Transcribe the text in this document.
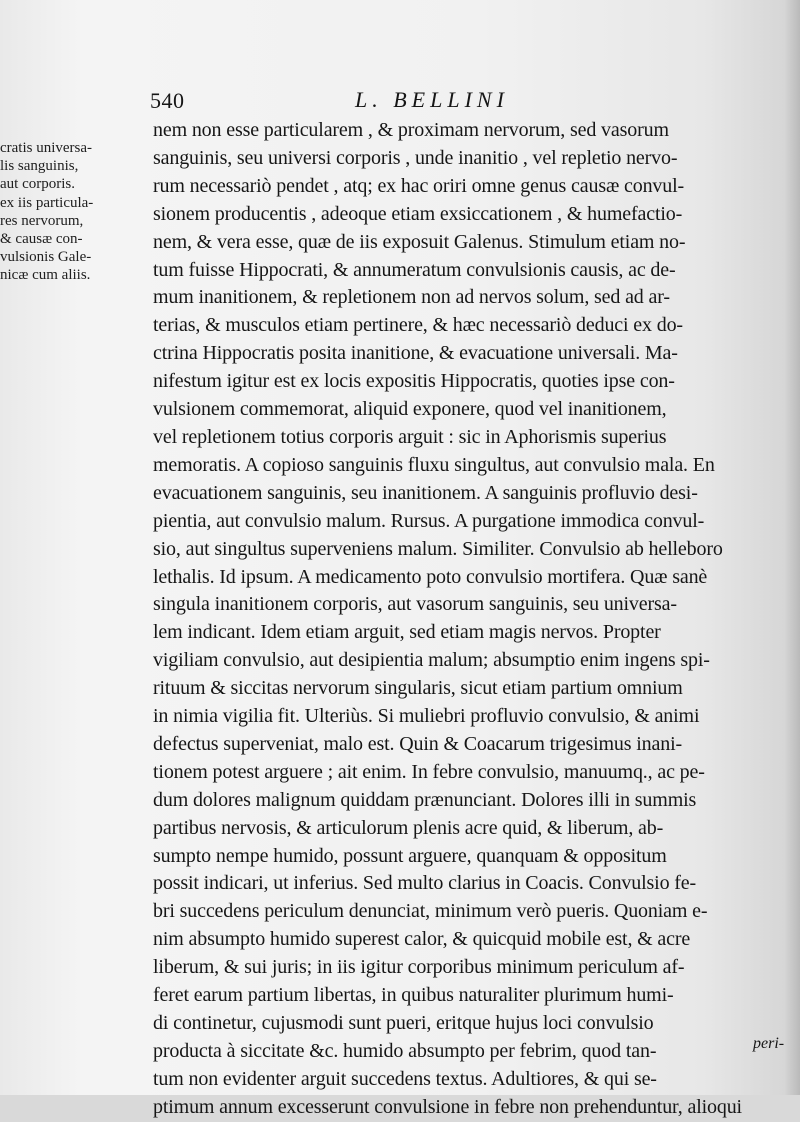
540	L. BELLINI
cratis universa-
lis sanguinis,
aut corporis.
ex iis particula-
res nervorum,
& causæ con-
vulsionis Gale-
nicæ cum aliis.
nem non esse particularem , & proximam nervorum, sed vasorum
sanguinis, seu universi corporis , unde inanitio , vel repletio nervo-
rum necessariò pendet , atq; ex hac oriri omne genus causæ convul-
sionem producentis , adeoque etiam exsiccationem , & humefactio-
nem, & vera esse, quæ de iis exposuit Galenus. Stimulum etiam no-
tum fuisse Hippocrati, & annumeratum convulsionis causis, ac de-
mum inanitionem, & repletionem non ad nervos solum, sed ad ar-
terias, & musculos etiam pertinere, & hæc necessariò deduci ex do-
ctrina Hippocratis posita inanitione, & evacuatione universali. Ma-
nifestum igitur est ex locis expositis Hippocratis, quoties ipse con-
vulsionem commemorat, aliquid exponere, quod vel inanitionem,
vel repletionem totius corporis arguit : sic in Aphorismis superius
memoratis. A copioso sanguinis fluxu singultus, aut convulsio mala. En
evacuationem sanguinis, seu inanitionem. A sanguinis profluvio desi-
pientia, aut convulsio malum. Rursus. A purgatione immodica convul-
sio, aut singultus superveniens malum. Similiter. Convulsio ab helleboro
lethalis. Id ipsum. A medicamento poto convulsio mortifera. Quæ sanè
singula inanitionem corporis, aut vasorum sanguinis, seu universa-
lem indicant. Idem etiam arguit, sed etiam magis nervos. Propter
vigiliam convulsio, aut desipientia malum; absumptio enim ingens spi-
rituum & siccitas nervorum singularis, sicut etiam partium omnium
in nimia vigilia fit. Ulteriùs. Si muliebri profluvio convulsio, & animi
defectus superveniat, malo est. Quin & Coacarum trigesimus inani-
tionem potest arguere ; ait enim. In febre convulsio, manuumq., ac pe-
dum dolores malignum quiddam prænunciant. Dolores illi in summis
partibus nervosis, & articulorum plenis acre quid, & liberum, ab-
sumpto nempe humido, possunt arguere, quanquam & oppositum
possit indicari, ut inferius. Sed multo clarius in Coacis. Convulsio fe-
bri succedens periculum denunciat, minimum verò pueris. Quoniam e-
nim absumpto humido superest calor, & quicquid mobile est, & acre
liberum, & sui juris; in iis igitur corporibus minimum periculum af-
feret earum partium libertas, in quibus naturaliter plurimum humi-
di continetur, cujusmodi sunt pueri, eritque hujus loci convulsio
producta à siccitate &c. humido absumpto per febrim, quod tan-
tum non evidenter arguit succedens textus. Adultiores, & qui se-
ptimum annum excesserunt convulsione in febre non prehenduntur, alioqui
peri-
